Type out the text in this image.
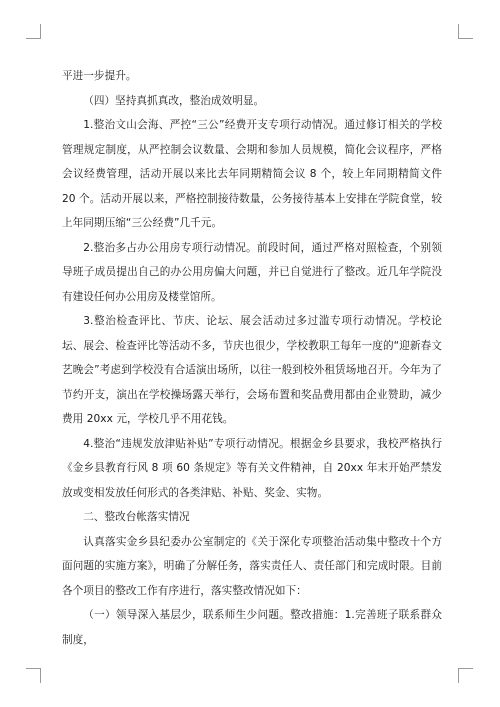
平进一步提升。

（四）坚持真抓真改，整治成效明显。

1.整治文山会海、严控“三公”经费开支专项行动情况。通过修订相关的学校管理规定制度，从严控制会议数量、会期和参加人员规模，简化会议程序，严格会议经费管理，活动开展以来比去年同期精简会议 8 个，较上年同期精简文件 20 个。活动开展以来，严格控制接待数量，公务接待基本上安排在学院食堂，较上年同期压缩“三公经费”几千元。

2.整治多占办公用房专项行动情况。前段时间，通过严格对照检查，个别领导班子成员提出自己的办公用房偏大问题，并已自觉进行了整改。近几年学院没有建设任何办公用房及楼堂馆所。

3.整治检查评比、节庆、论坛、展会活动过多过滥专项行动情况。学校论坛、展会、检查评比等活动不多，节庆也很少，学校教职工每年一度的“迎新春文艺晚会”考虑到学校没有合适演出场所，以往一般到校外租赁场地召开。今年为了节约开支，演出在学校操场露天举行，会场布置和奖品费用都由企业赞助，减少费用 20xx 元，学校几乎不用花钱。

4.整治“违规发放津贴补贴”专项行动情况。根据金乡县要求，我校严格执行《金乡县教育行风 8 项 60 条规定》等有关文件精神，自 20xx 年末开始严禁发放或变相发放任何形式的各类津贴、补贴、奖金、实物。

二、整改台帐落实情况

认真落实金乡县纪委办公室制定的《关于深化专项整治活动集中整改十个方面问题的实施方案》，明确了分解任务，落实责任人、责任部门和完成时限。目前各个项目的整改工作有序进行，落实整改情况如下：

（一）领导深入基层少，联系师生少问题。整改措施：1.完善班子联系群众制度，
